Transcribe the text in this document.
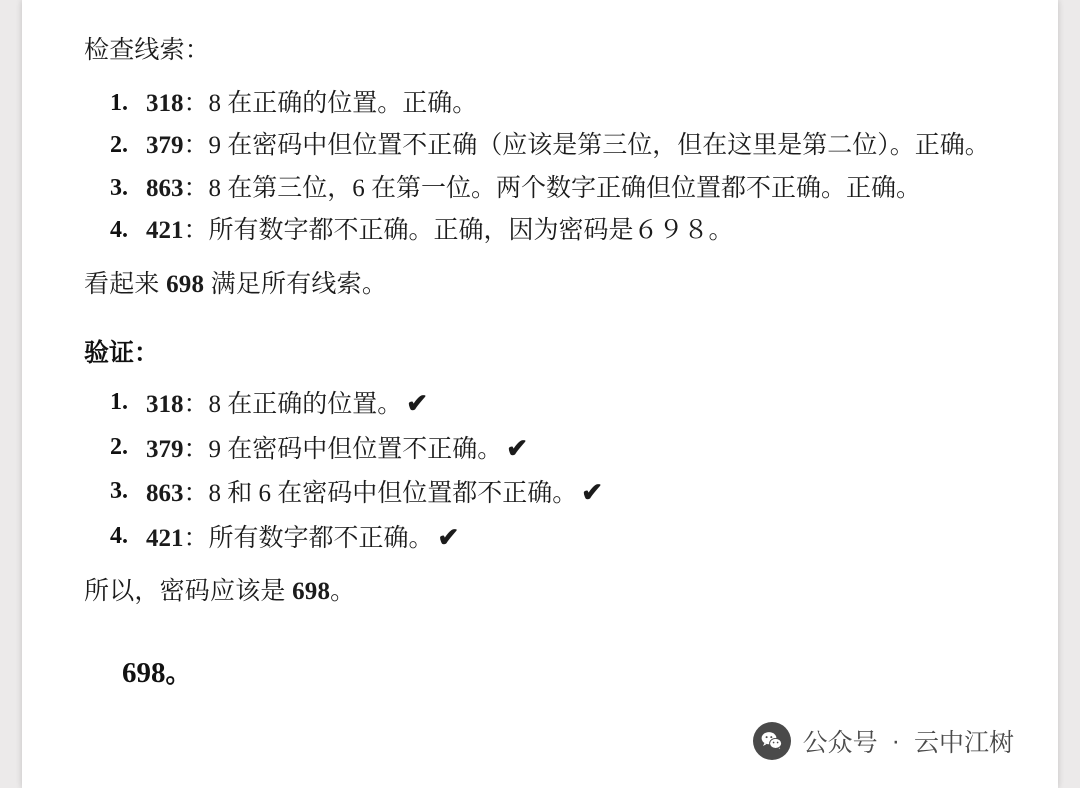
检查线索：
318：8 在正确的位置。正确。
379：9 在密码中但位置不正确（应该是第三位，但在这里是第二位）。正确。
863：8 在第三位，6 在第一位。两个数字正确但位置都不正确。正确。
421：所有数字都不正确。正确，因为密码是６９８。
看起来 698 满足所有线索。
验证：
318：8 在正确的位置。 ✔
379：9 在密码中但位置不正确。 ✔
863：8 和 6 在密码中但位置都不正确。 ✔
421：所有数字都不正确。 ✔
所以，密码应该是 698。
698。
公众号 · 云中江树
